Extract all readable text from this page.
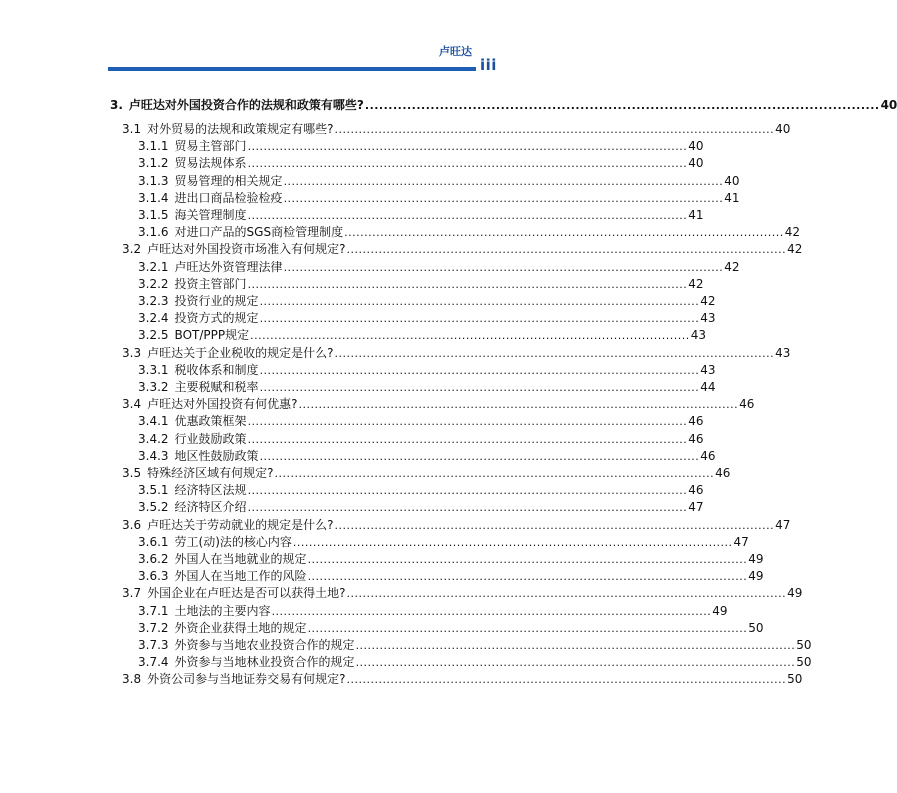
卢旺达
iii
3. 卢旺达对外国投资合作的法规和政策有哪些? .............................................................................................................. 40
3.1 对外贸易的法规和政策规定有哪些? .............................................................................................................. 40
3.1.1 贸易主管部门 .............................................................................................................. 40
3.1.2 贸易法规体系 .............................................................................................................. 40
3.1.3 贸易管理的相关规定 .............................................................................................................. 40
3.1.4 进出口商品检验检疫 .............................................................................................................. 41
3.1.5 海关管理制度 .............................................................................................................. 41
3.1.6 对进口产品的SGS商检管理制度 .............................................................................................................. 42
3.2 卢旺达对外国投资市场准入有何规定? .............................................................................................................. 42
3.2.1 卢旺达外资管理法律 .............................................................................................................. 42
3.2.2 投资主管部门 .............................................................................................................. 42
3.2.3 投资行业的规定 .............................................................................................................. 42
3.2.4 投资方式的规定 .............................................................................................................. 43
3.2.5 BOT/PPP规定 .............................................................................................................. 43
3.3 卢旺达关于企业税收的规定是什么? .............................................................................................................. 43
3.3.1 税收体系和制度 .............................................................................................................. 43
3.3.2 主要税赋和税率 .............................................................................................................. 44
3.4 卢旺达对外国投资有何优惠? .............................................................................................................. 46
3.4.1 优惠政策框架 .............................................................................................................. 46
3.4.2 行业鼓励政策 .............................................................................................................. 46
3.4.3 地区性鼓励政策 .............................................................................................................. 46
3.5 特殊经济区域有何规定? .............................................................................................................. 46
3.5.1 经济特区法规 .............................................................................................................. 46
3.5.2 经济特区介绍 .............................................................................................................. 47
3.6 卢旺达关于劳动就业的规定是什么? .............................................................................................................. 47
3.6.1 劳工(动)法的核心内容 .............................................................................................................. 47
3.6.2 外国人在当地就业的规定 .............................................................................................................. 49
3.6.3 外国人在当地工作的风险 .............................................................................................................. 49
3.7 外国企业在卢旺达是否可以获得土地? .............................................................................................................. 49
3.7.1 土地法的主要内容 .............................................................................................................. 49
3.7.2 外资企业获得土地的规定 .............................................................................................................. 50
3.7.3 外资参与当地农业投资合作的规定 .............................................................................................................. 50
3.7.4 外资参与当地林业投资合作的规定 .............................................................................................................. 50
3.8 外资公司参与当地证券交易有何规定? .............................................................................................................. 50
